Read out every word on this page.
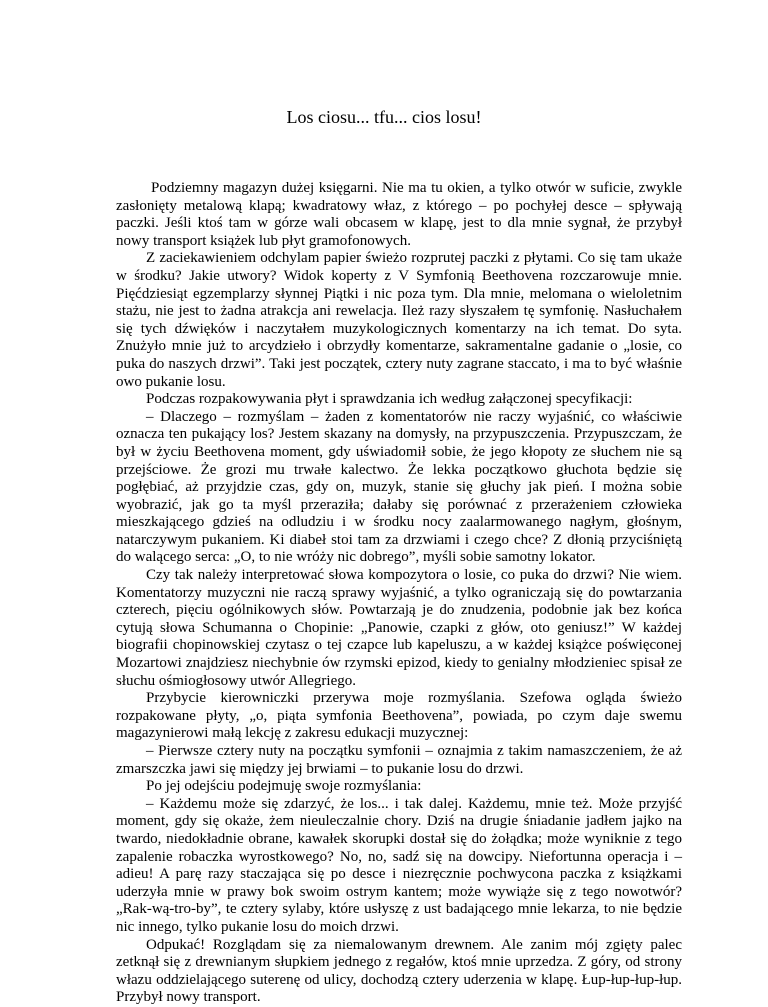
Los ciosu... tfu... cios losu!

Podziemny magazyn dużej księgarni. Nie ma tu okien, a tylko otwór w suficie, zwykle zasłonięty metalową klapą; kwadratowy właz, z którego – po pochyłej desce – spływają paczki. Jeśli ktoś tam w górze wali obcasem w klapę, jest to dla mnie sygnał, że przybył nowy transport książek lub płyt gramofonowych.

Z zaciekawieniem odchylam papier świeżo rozprutej paczki z płytami. Co się tam ukaże w środku? Jakie utwory? Widok koperty z V Symfonią Beethovena rozczarowuje mnie. Pięćdziesiąt egzemplarzy słynnej Piątki i nic poza tym. Dla mnie, melomana o wieloletnim stażu, nie jest to żadna atrakcja ani rewelacja. Ileż razy słyszałem tę symfonię. Nasłuchałem się tych dźwięków i naczytałem muzykologicznych komentarzy na ich temat. Do syta. Znużyło mnie już to arcydzieło i obrzydły komentarze, sakramentalne gadanie o „losie, co puka do naszych drzwi”. Taki jest początek, cztery nuty zagrane staccato, i ma to być właśnie owo pukanie losu.

Podczas rozpakowywania płyt i sprawdzania ich według załączonej specyfikacji:

– Dlaczego – rozmyślam – żaden z komentatorów nie raczy wyjaśnić, co właściwie oznacza ten pukający los? Jestem skazany na domysły, na przypuszczenia. Przypuszczam, że był w życiu Beethovena moment, gdy uświadomił sobie, że jego kłopoty ze słuchem nie są przejściowe. Że grozi mu trwałe kalectwo. Że lekka początkowo głuchota będzie się pogłębiać, aż przyjdzie czas, gdy on, muzyk, stanie się głuchy jak pień. I można sobie wyobrazić, jak go ta myśl przeraziła; dałaby się porównać z przerażeniem człowieka mieszkającego gdzieś na odludziu i w środku nocy zaalarmowanego nagłym, głośnym, natarczywym pukaniem. Ki diabeł stoi tam za drzwiami i czego chce? Z dłonią przyciśniętą do walącego serca: „O, to nie wróży nic dobrego”, myśli sobie samotny lokator.

Czy tak należy interpretować słowa kompozytora o losie, co puka do drzwi? Nie wiem. Komentatorzy muzyczni nie raczą sprawy wyjaśnić, a tylko ograniczają się do powtarzania czterech, pięciu ogólnikowych słów. Powtarzają je do znudzenia, podobnie jak bez końca cytują słowa Schumanna o Chopinie: „Panowie, czapki z głów, oto geniusz!” W każdej biografii chopinowskiej czytasz o tej czapce lub kapeluszu, a w każdej książce poświęconej Mozartowi znajdziesz niechybnie ów rzymski epizod, kiedy to genialny młodzieniec spisał ze słuchu ośmiogłosowy utwór Allegriego.

Przybycie kierowniczki przerywa moje rozmyślania. Szefowa ogląda świeżo rozpakowane płyty, „o, piąta symfonia Beethovena”, powiada, po czym daje swemu magazynierowi małą lekcję z zakresu edukacji muzycznej:

– Pierwsze cztery nuty na początku symfonii – oznajmia z takim namaszczeniem, że aż zmarszczka jawi się między jej brwiami – to pukanie losu do drzwi.

Po jej odejściu podejmuję swoje rozmyślania:

– Każdemu może się zdarzyć, że los... i tak dalej. Każdemu, mnie też. Może przyjść moment, gdy się okaże, żem nieuleczalnie chory. Dziś na drugie śniadanie jadłem jajko na twardo, niedokładnie obrane, kawałek skorupki dostał się do żołądka; może wyniknie z tego zapalenie robaczka wyrostkowego? No, no, sadź się na dowcipy. Niefortunna operacja i – adieu! A parę razy staczająca się po desce i niezręcznie pochwycona paczka z książkami uderzyła mnie w prawy bok swoim ostrym kantem; może wywiąże się z tego nowotwór? „Rak-wą-tro-by”, te cztery sylaby, które usłyszę z ust badającego mnie lekarza, to nie będzie nic innego, tylko pukanie losu do moich drzwi.

Odpukać! Rozglądam się za niemalowanym drewnem. Ale zanim mój zgięty palec zetknął się z drewnianym słupkiem jednego z regałów, ktoś mnie uprzedza. Z góry, od strony włazu oddzielającego suterenę od ulicy, dochodzą cztery uderzenia w klapę. Łup-łup-łup-łup. Przybył nowy transport.
